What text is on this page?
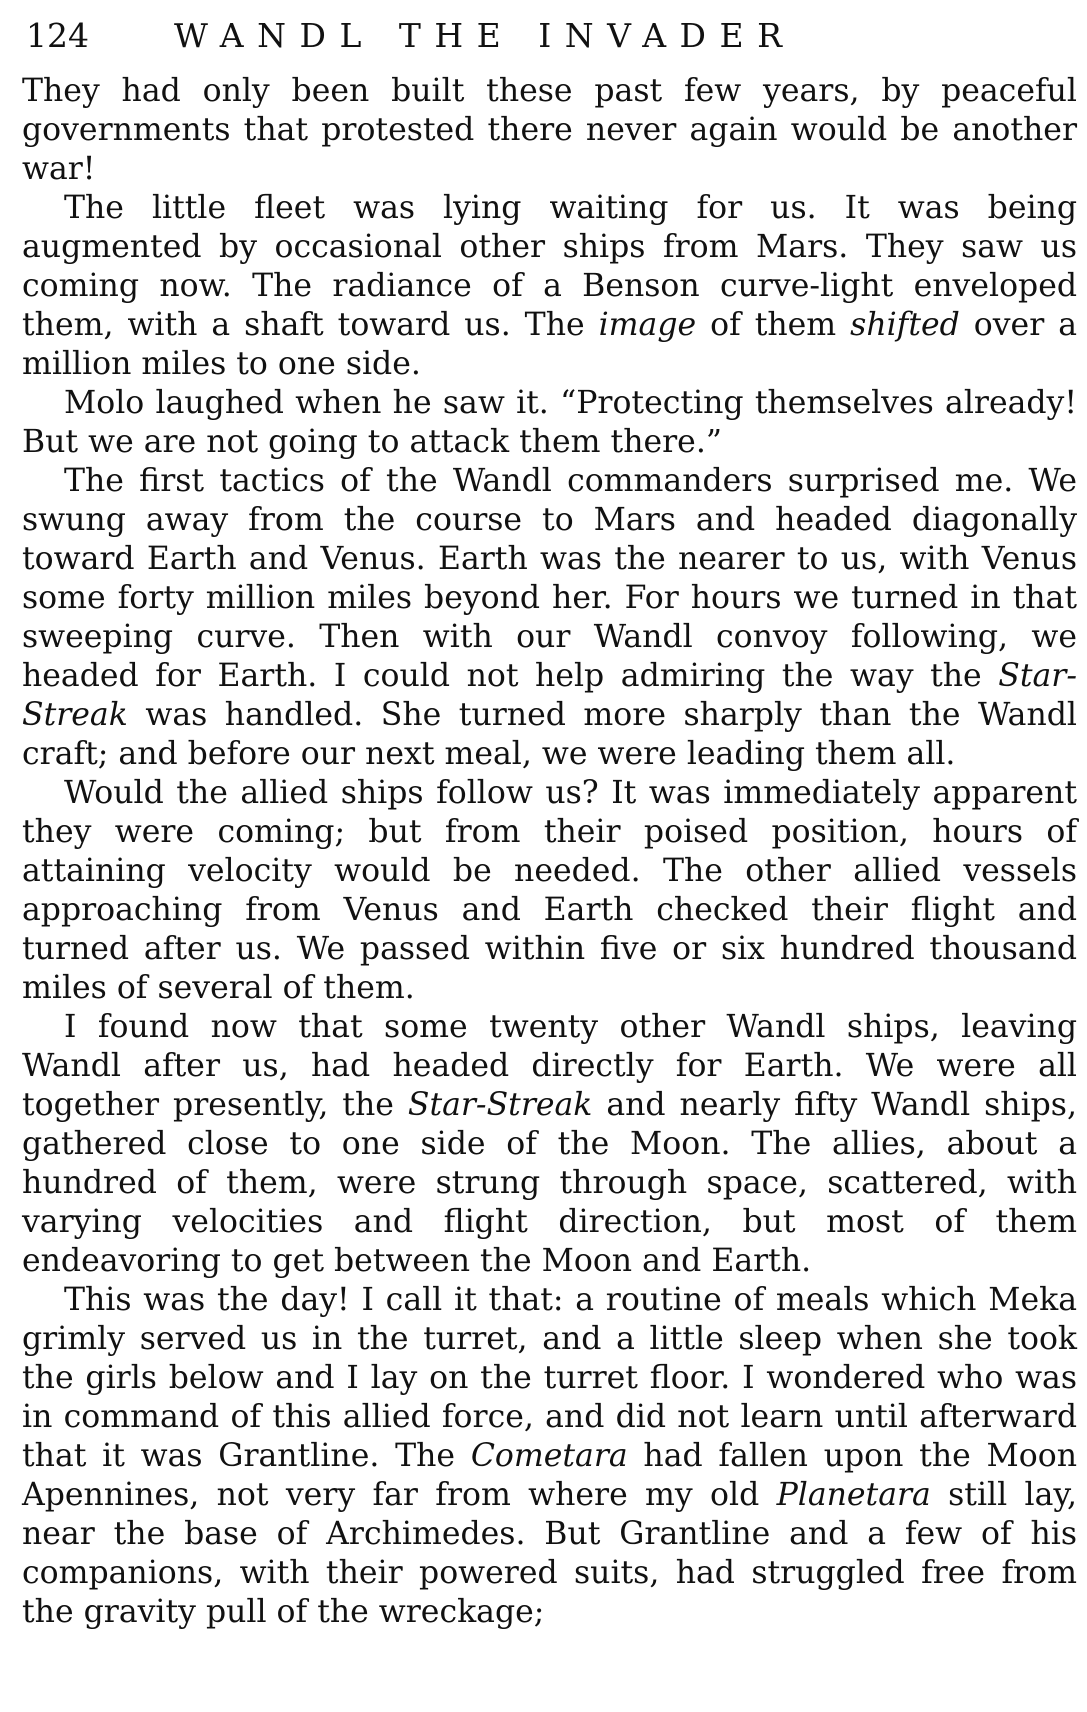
124	WANDL THE INVADER

They had only been built these past few years, by peaceful governments that protested there never again would be another war!

The little fleet was lying waiting for us. It was being augmented by occasional other ships from Mars. They saw us coming now. The radiance of a Benson curve-light enveloped them, with a shaft toward us. The image of them shifted over a million miles to one side.

Molo laughed when he saw it. “Protecting themselves already! But we are not going to attack them there.”

The first tactics of the Wandl commanders surprised me. We swung away from the course to Mars and headed diagonally toward Earth and Venus. Earth was the nearer to us, with Venus some forty million miles beyond her. For hours we turned in that sweeping curve. Then with our Wandl convoy following, we headed for Earth. I could not help admiring the way the Star-Streak was handled. She turned more sharply than the Wandl craft; and before our next meal, we were leading them all.

Would the allied ships follow us? It was immediately apparent they were coming; but from their poised position, hours of attaining velocity would be needed. The other allied vessels approaching from Venus and Earth checked their flight and turned after us. We passed within five or six hundred thousand miles of several of them.

I found now that some twenty other Wandl ships, leaving Wandl after us, had headed directly for Earth. We were all together presently, the Star-Streak and nearly fifty Wandl ships, gathered close to one side of the Moon. The allies, about a hundred of them, were strung through space, scattered, with varying velocities and flight direction, but most of them endeavoring to get between the Moon and Earth.

This was the day! I call it that: a routine of meals which Meka grimly served us in the turret, and a little sleep when she took the girls below and I lay on the turret floor. I wondered who was in command of this allied force, and did not learn until afterward that it was Grantline. The Cometara had fallen upon the Moon Apennines, not very far from where my old Planetara still lay, near the base of Archimedes. But Grantline and a few of his companions, with their powered suits, had struggled free from the gravity pull of the wreckage;
